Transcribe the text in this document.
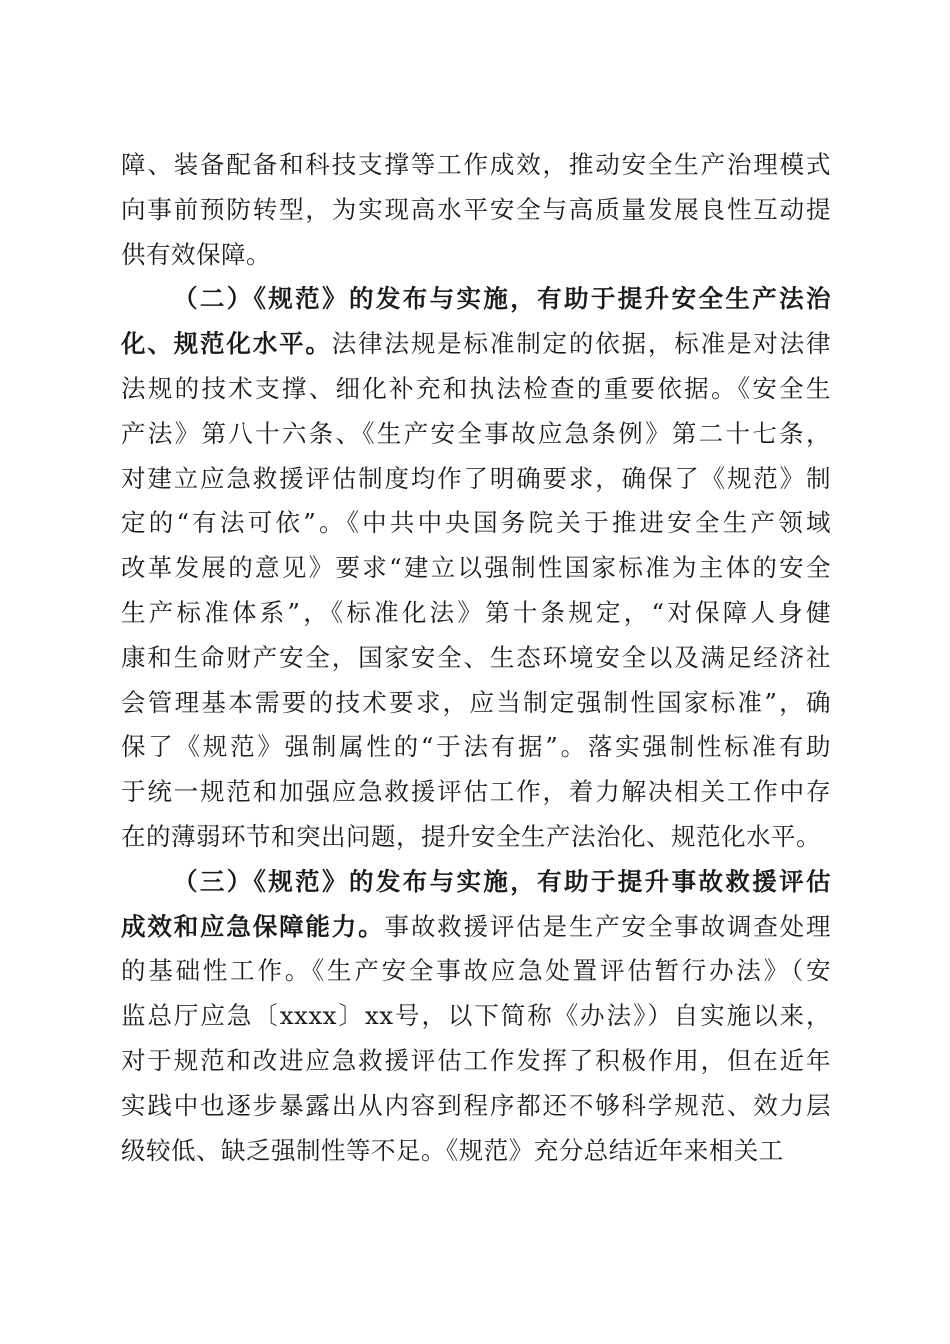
障、装备配备和科技支撑等工作成效，推动安全生产治理模式
向事前预防转型，为实现高水平安全与高质量发展良性互动提
供有效保障。
（二）《规范》的发布与实施，有助于提升安全生产法治
化、规范化水平。法律法规是标准制定的依据，标准是对法律
法规的技术支撑、细化补充和执法检查的重要依据。《安全生
产法》第八十六条、《生产安全事故应急条例》第二十七条，
对建立应急救援评估制度均作了明确要求，确保了《规范》制
定的“有法可依”。《中共中央国务院关于推进安全生产领域
改革发展的意见》要求“建立以强制性国家标准为主体的安全
生产标准体系”，《标准化法》第十条规定，“对保障人身健
康和生命财产安全，国家安全、生态环境安全以及满足经济社
会管理基本需要的技术要求，应当制定强制性国家标准”，确
保了《规范》强制属性的“于法有据”。落实强制性标准有助
于统一规范和加强应急救援评估工作，着力解决相关工作中存
在的薄弱环节和突出问题，提升安全生产法治化、规范化水平。
（三）《规范》的发布与实施，有助于提升事故救援评估
成效和应急保障能力。事故救援评估是生产安全事故调查处理
的基础性工作。《生产安全事故应急处置评估暂行办法》（安
监总厅应急〔xxxx〕xx号，以下简称《办法》）自实施以来，
对于规范和改进应急救援评估工作发挥了积极作用，但在近年
实践中也逐步暴露出从内容到程序都还不够科学规范、效力层
级较低、缺乏强制性等不足。《规范》充分总结近年来相关工
